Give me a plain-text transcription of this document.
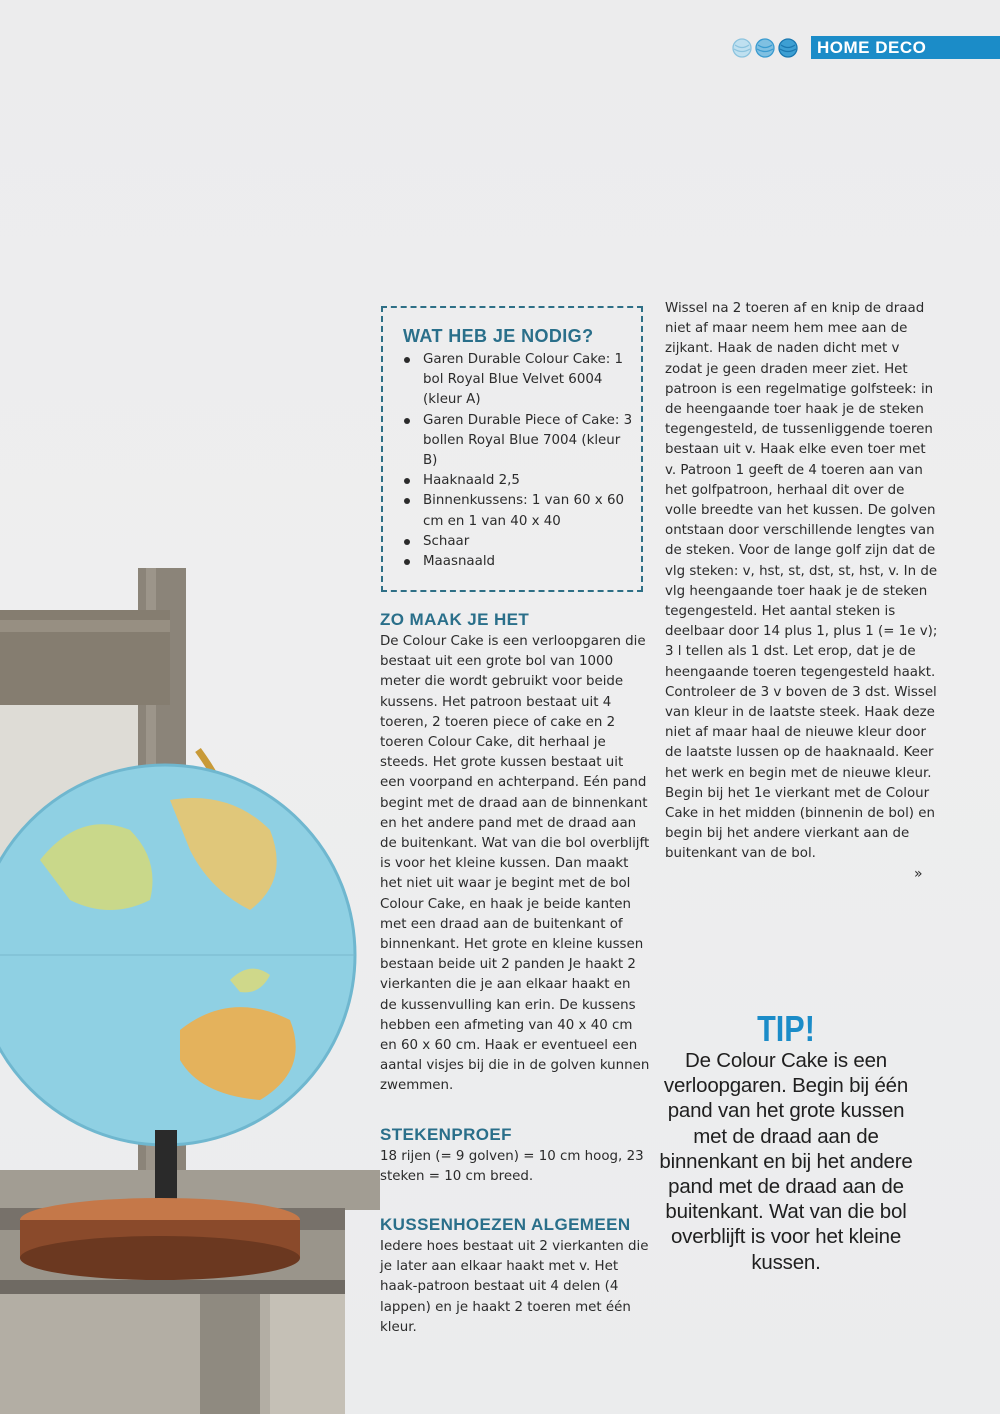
HOME DECO
WAT HEB JE NODIG?
Garen Durable Colour Cake: 1 bol Royal Blue Velvet 6004 (kleur A)
Garen Durable Piece of Cake: 3 bollen Royal Blue 7004 (kleur B)
Haaknaald 2,5
Binnenkussens: 1 van 60 x 60 cm en 1 van 40 x 40
Schaar
Maasnaald
ZO MAAK JE HET

De Colour Cake is een verloopgaren die bestaat uit een grote bol van 1000 meter die wordt gebruikt voor beide kussens. Het patroon bestaat uit 4 toeren, 2 toeren piece of cake en 2 toeren Colour Cake, dit herhaal je steeds. Het grote kussen bestaat uit een voorpand en achterpand. Eén pand begint met de draad aan de binnenkant en het andere pand met de draad aan de buitenkant. Wat van die bol overblijft is voor het kleine kussen. Dan maakt het niet uit waar je begint met de bol Colour Cake, en haak je beide kanten met een draad aan de buitenkant of binnenkant. Het grote en kleine kussen bestaan beide uit 2 panden Je haakt 2 vierkanten die je aan elkaar haakt en de kussenvulling kan erin. De kussens hebben een afmeting van 40 x 40 cm en 60 x 60 cm. Haak er eventueel een aantal visjes bij die in de golven kunnen zwemmen.

STEKENPROEF

18 rijen (= 9 golven) = 10 cm hoog, 23 steken = 10 cm breed.

KUSSENHOEZEN ALGEMEEN

Iedere hoes bestaat uit 2 vierkanten die je later aan elkaar haakt met v. Het haak-patroon bestaat uit 4 delen (4 lappen) en je haakt 2 toeren met één kleur.

Wissel na 2 toeren af en knip de draad niet af maar neem hem mee aan de zijkant. Haak de naden dicht met v zodat je geen draden meer ziet. Het patroon is een regelmatige golfsteek: in de heengaande toer haak je de steken tegengesteld, de tussenliggende toeren bestaan uit v. Haak elke even toer met v. Patroon 1 geeft de 4 toeren aan van het golfpatroon, herhaal dit over de volle breedte van het kussen. De golven ontstaan door verschillende lengtes van de steken. Voor de lange golf zijn dat de vlg steken: v, hst, st, dst, st, hst, v. In de vlg heengaande toer haak je de steken tegengesteld. Het aantal steken is deelbaar door 14 plus 1, plus 1 (= 1e v); 3 l tellen als 1 dst. Let erop, dat je de heengaande toeren tegengesteld haakt. Controleer de 3 v boven de 3 dst. Wissel van kleur in de laatste steek. Haak deze niet af maar haal de nieuwe kleur door de laatste lussen op de haaknaald. Keer het werk en begin met de nieuwe kleur. Begin bij het 1e vierkant met de Colour Cake in het midden (binnenin de bol) en begin bij het andere vierkant aan de buitenkant van de bol.

»
TIP!
De Colour Cake is een verloopgaren. Begin bij één pand van het grote kussen met de draad aan de binnenkant en bij het andere pand met de draad aan de buitenkant. Wat van die bol overblijft is voor het kleine kussen.
